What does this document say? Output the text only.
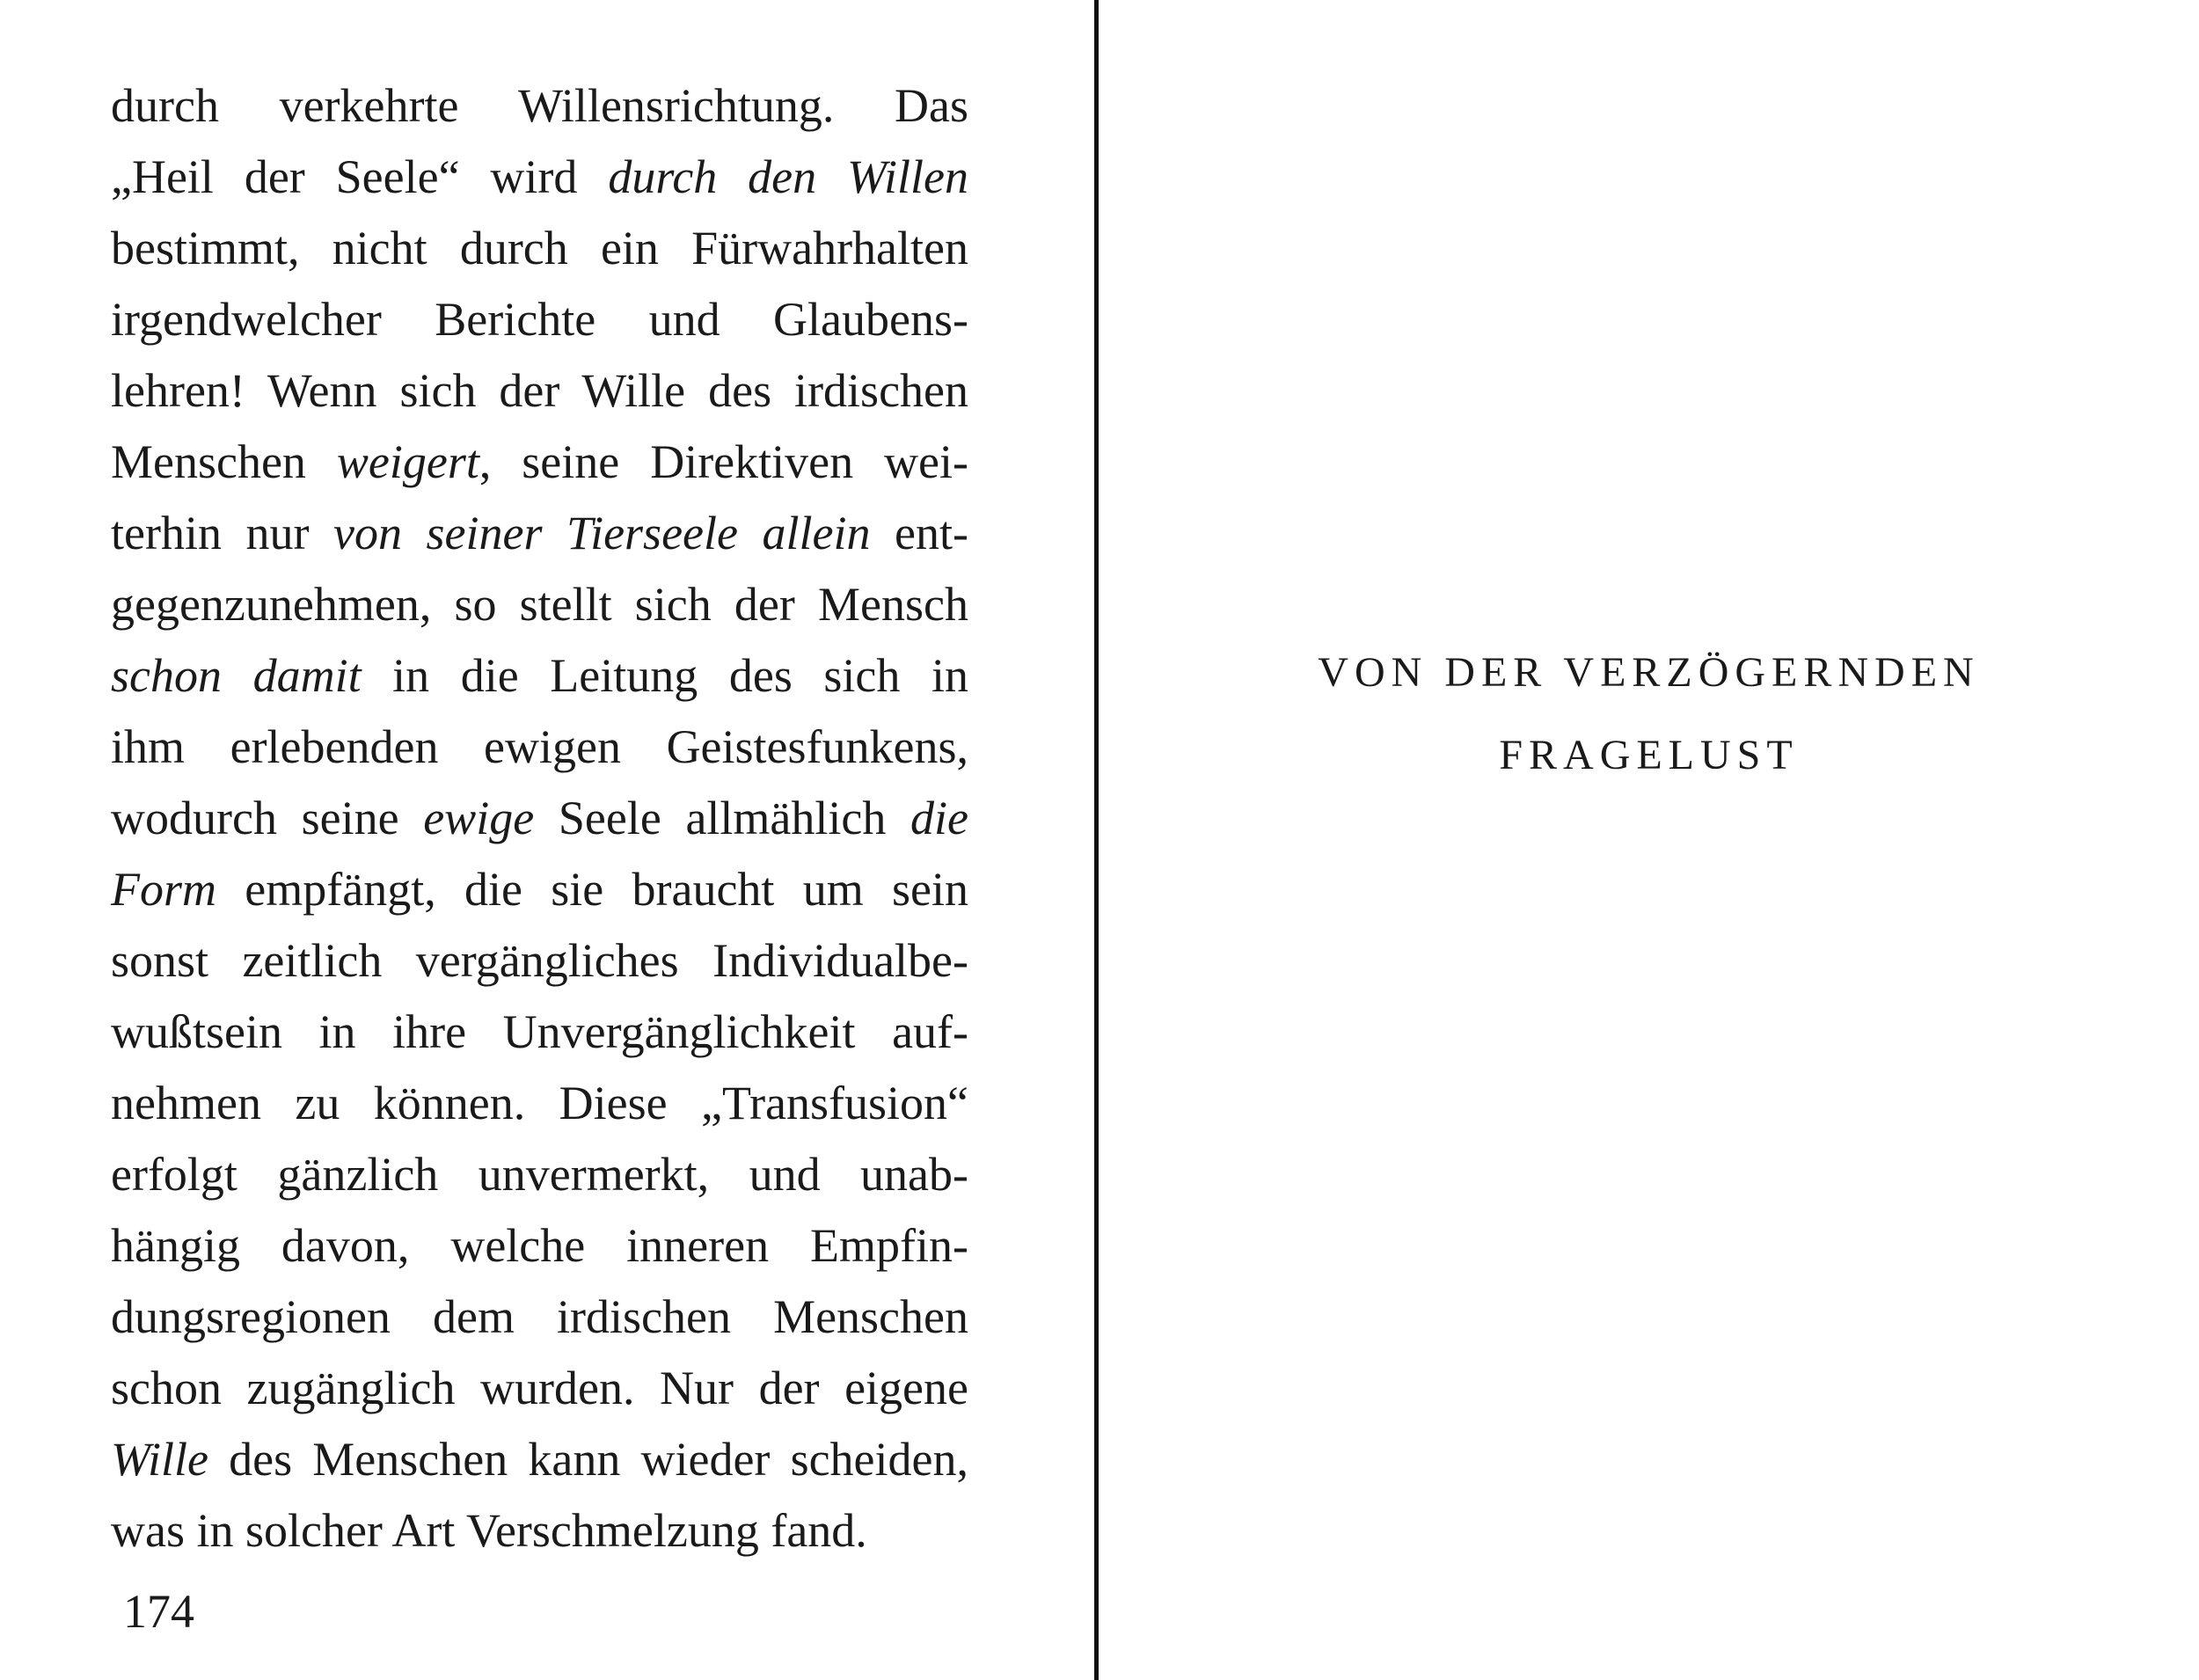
durch verkehrte Willensrichtung. Das
„Heil der Seele“ wird durch den Willen
bestimmt, nicht durch ein Fürwahrhalten
irgendwelcher Berichte und Glaubens-
lehren! Wenn sich der Wille des irdischen
Menschen weigert, seine Direktiven wei-
terhin nur von seiner Tierseele allein ent-
gegenzunehmen, so stellt sich der Mensch
schon damit in die Leitung des sich in
ihm erlebenden ewigen Geistesfunkens,
wodurch seine ewige Seele allmählich die
Form empfängt, die sie braucht um sein
sonst zeitlich vergängliches Individualbe-
wußtsein in ihre Unvergänglichkeit auf-
nehmen zu können. Diese „Transfusion“
erfolgt gänzlich unvermerkt, und unab-
hängig davon, welche inneren Empfin-
dungsregionen dem irdischen Menschen
schon zugänglich wurden. Nur der eigene
Wille des Menschen kann wieder scheiden,
was in solcher Art Verschmelzung fand.
174
VON DER VERZÖGERNDEN
FRAGELUST
